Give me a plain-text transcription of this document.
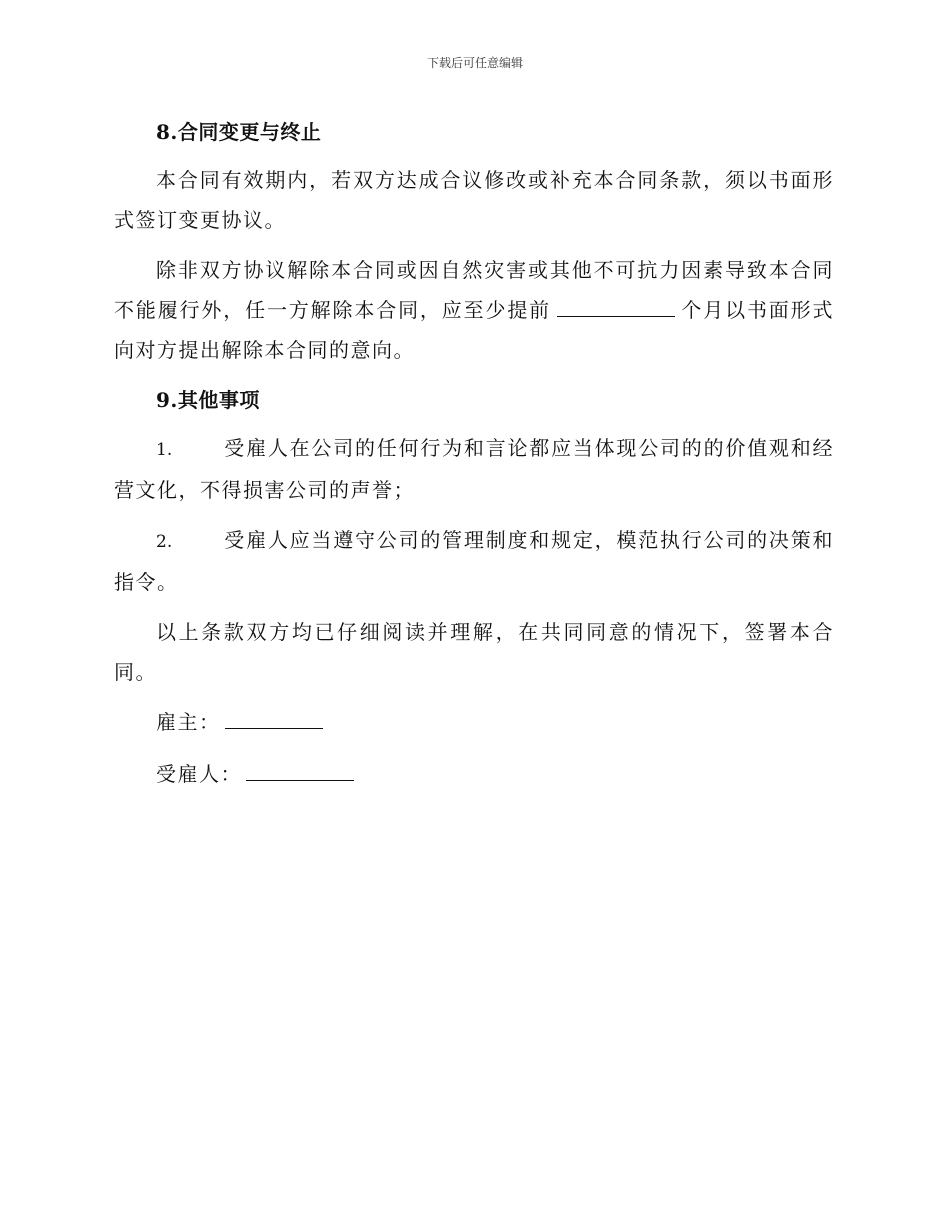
下载后可任意编辑

8.合同变更与终止

本合同有效期内，若双方达成合议修改或补充本合同条款，须以书面形式签订变更协议。

除非双方协议解除本合同或因自然灾害或其他不可抗力因素导致本合同不能履行外，任一方解除本合同，应至少提前	个月以书面形式向对方提出解除本合同的意向。

9.其他事项

1.	受雇人在公司的任何行为和言论都应当体现公司的的价值观和经营文化，不得损害公司的声誉；

2.	受雇人应当遵守公司的管理制度和规定，模范执行公司的决策和指令。

以上条款双方均已仔细阅读并理解，在共同同意的情况下，签署本合同。

雇主：

受雇人：
